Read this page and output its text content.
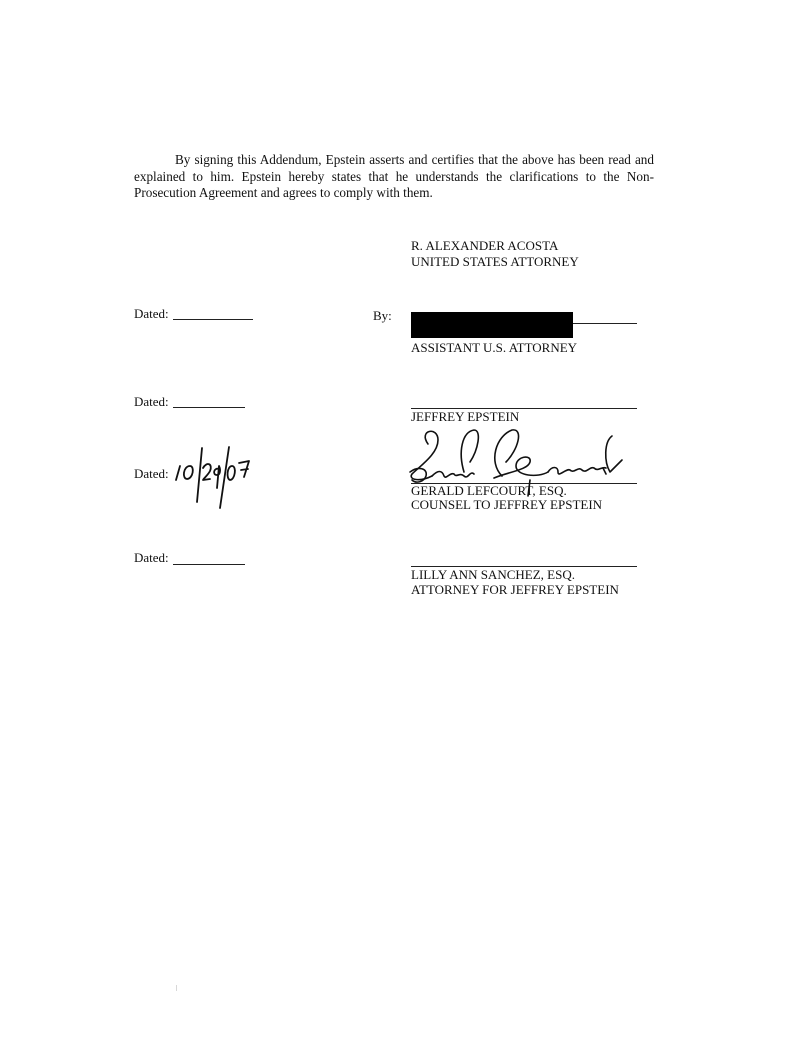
By signing this Addendum, Epstein asserts and certifies that the above has been read and explained to him. Epstein hereby states that he understands the clarifications to the Non-Prosecution Agreement and agrees to comply with them.

R. ALEXANDER ACOSTA
UNITED STATES ATTORNEY
Dated:	By:
ASSISTANT U.S. ATTORNEY
Dated:
JEFFREY EPSTEIN
Dated:
GERALD LEFCOURT, ESQ.
COUNSEL TO JEFFREY EPSTEIN
Dated:
LILLY ANN SANCHEZ, ESQ.
ATTORNEY FOR JEFFREY EPSTEIN
